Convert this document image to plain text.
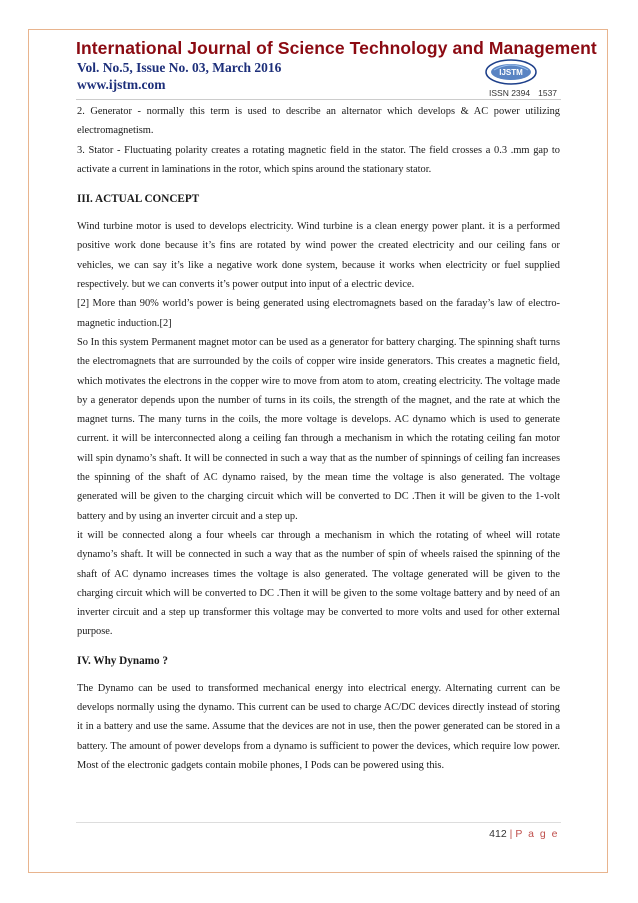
International Journal of Science Technology and Management
Vol. No.5, Issue No. 03, March 2016
www.ijstm.com
IJSTM
ISSN 2394 1537

2. Generator - normally this term is used to describe an alternator which develops & AC power utilizing electromagnetism.

3. Stator - Fluctuating polarity creates a rotating magnetic field in the stator. The field crosses a 0.3 .mm gap to activate a current in laminations in the rotor, which spins around the stationary stator.

III. ACTUAL CONCEPT

Wind turbine motor is used to develops electricity. Wind turbine is a clean energy power plant. it is a performed positive work done because it’s fins are rotated by wind power the created electricity and our ceiling fans or vehicles, we can say it’s like a negative work done system, because it works when electricity or fuel supplied respectively. but we can converts it’s power output into input of a electric device.

[2] More than 90% world’s power is being generated using electromagnets based on the faraday’s law of electro-magnetic induction.[2]

So In this system Permanent magnet motor can be used as a generator for battery charging. The spinning shaft turns the electromagnets that are surrounded by the coils of copper wire inside generators. This creates a magnetic field, which motivates the electrons in the copper wire to move from atom to atom, creating electricity. The voltage made by a generator depends upon the number of turns in its coils, the strength of the magnet, and the rate at which the magnet turns. The many turns in the coils, the more voltage is develops. AC dynamo which is used to generate current. it will be interconnected along a ceiling fan through a mechanism in which the rotating ceiling fan motor will spin dynamo’s shaft. It will be connected in such a way that as the number of spinnings of ceiling fan increases the spinning of the shaft of AC dynamo raised, by the mean time the voltage is also generated. The voltage generated will be given to the charging circuit which will be converted to DC .Then it will be given to the 1-volt battery and by using an inverter circuit and a step up.

it will be connected along a four wheels car through a mechanism in which the rotating of wheel will rotate dynamo’s shaft. It will be connected in such a way that as the number of spin of wheels raised the spinning of the shaft of AC dynamo increases times the voltage is also generated. The voltage generated will be given to the charging circuit which will be converted to DC .Then it will be given to the some voltage battery and by need of an inverter circuit and a step up transformer this voltage may be converted to more volts and used for other external purpose.

IV. Why Dynamo ?

The Dynamo can be used to transformed mechanical energy into electrical energy. Alternating current can be develops normally using the dynamo. This current can be used to charge AC/DC devices directly instead of storing it in a battery and use the same. Assume that the devices are not in use, then the power generated can be stored in a battery. The amount of power develops from a dynamo is sufficient to power the devices, which require low power. Most of the electronic gadgets contain mobile phones, I Pods can be powered using this.

412 | P a g e
